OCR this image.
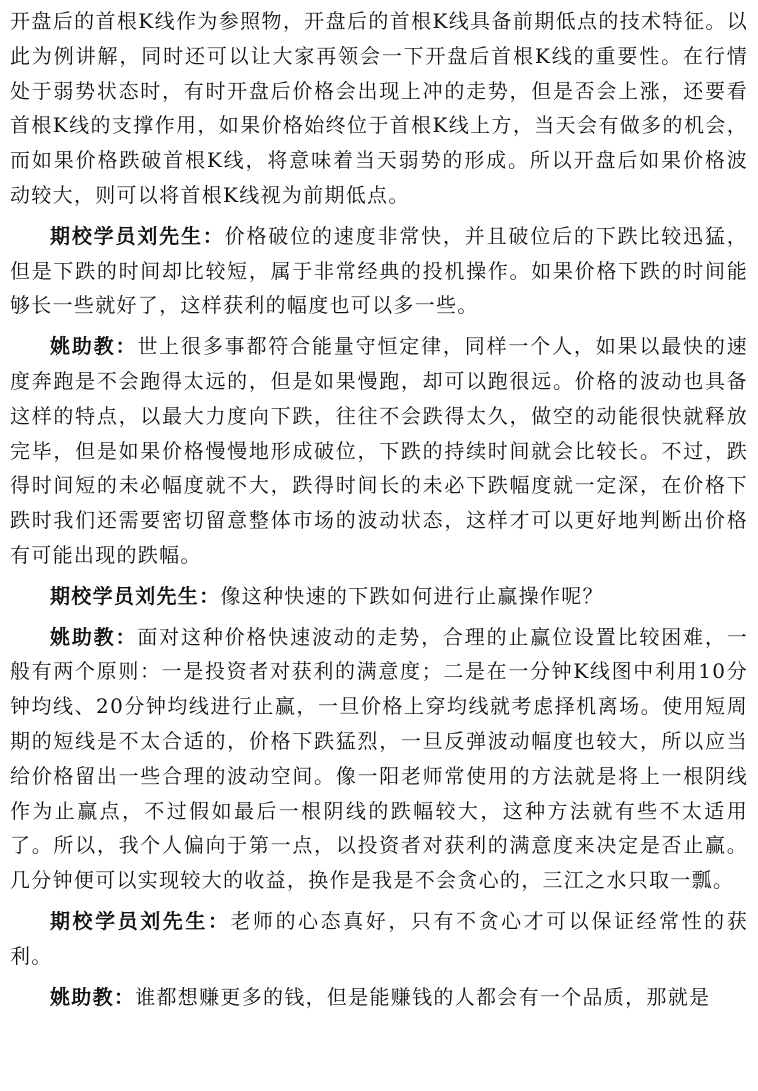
开盘后的首根K线作为参照物，开盘后的首根K线具备前期低点的技术特征。以此为例讲解，同时还可以让大家再领会一下开盘后首根K线的重要性。在行情处于弱势状态时，有时开盘后价格会出现上冲的走势，但是否会上涨，还要看首根K线的支撑作用，如果价格始终位于首根K线上方，当天会有做多的机会，而如果价格跌破首根K线，将意味着当天弱势的形成。所以开盘后如果价格波动较大，则可以将首根K线视为前期低点。

期校学员刘先生：价格破位的速度非常快，并且破位后的下跌比较迅猛，但是下跌的时间却比较短，属于非常经典的投机操作。如果价格下跌的时间能够长一些就好了，这样获利的幅度也可以多一些。

姚助教：世上很多事都符合能量守恒定律，同样一个人，如果以最快的速度奔跑是不会跑得太远的，但是如果慢跑，却可以跑很远。价格的波动也具备这样的特点，以最大力度向下跌，往往不会跌得太久，做空的动能很快就释放完毕，但是如果价格慢慢地形成破位，下跌的持续时间就会比较长。不过，跌得时间短的未必幅度就不大，跌得时间长的未必下跌幅度就一定深，在价格下跌时我们还需要密切留意整体市场的波动状态，这样才可以更好地判断出价格有可能出现的跌幅。

期校学员刘先生：像这种快速的下跌如何进行止赢操作呢？

姚助教：面对这种价格快速波动的走势，合理的止赢位设置比较困难，一般有两个原则：一是投资者对获利的满意度；二是在一分钟K线图中利用10分钟均线、20分钟均线进行止赢，一旦价格上穿均线就考虑择机离场。使用短周期的短线是不太合适的，价格下跌猛烈，一旦反弹波动幅度也较大，所以应当给价格留出一些合理的波动空间。像一阳老师常使用的方法就是将上一根阴线作为止赢点，不过假如最后一根阴线的跌幅较大，这种方法就有些不太适用了。所以，我个人偏向于第一点，以投资者对获利的满意度来决定是否止赢。几分钟便可以实现较大的收益，换作是我是不会贪心的，三江之水只取一瓢。

期校学员刘先生：老师的心态真好，只有不贪心才可以保证经常性的获利。

姚助教：谁都想赚更多的钱，但是能赚钱的人都会有一个品质，那就是
